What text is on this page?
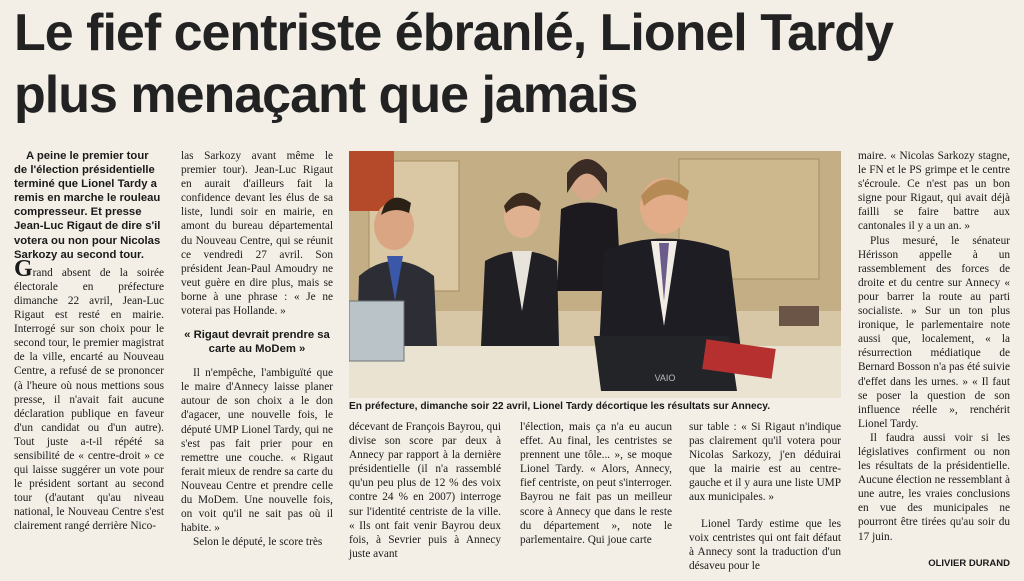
Le fief centriste ébranlé, Lionel Tardy
plus menaçant que jamais

A peine le premier tour de l'élection présidentielle terminé que Lionel Tardy a remis en marche le rouleau compresseur. Et presse Jean-Luc Rigaut de dire s'il votera ou non pour Nicolas Sarkozy au second tour.

Grand absent de la soirée électorale en préfecture dimanche 22 avril, Jean-Luc Rigaut est resté en mairie. Interrogé sur son choix pour le second tour, le premier magistrat de la ville, encarté au Nouveau Centre, a refusé de se prononcer (à l'heure où nous mettions sous presse, il n'avait fait aucune déclaration publique en faveur d'un candidat ou d'un autre). Tout juste a-t-il répété sa sensibilité de « centre-droit » ce qui laisse suggérer un vote pour le président sortant au second tour (d'autant qu'au niveau national, le Nouveau Centre s'est clairement rangé derrière Nico-

las Sarkozy avant même le premier tour). Jean-Luc Rigaut en aurait d'ailleurs fait la confidence devant les élus de sa liste, lundi soir en mairie, en amont du bureau départemental du Nouveau Centre, qui se réunit ce vendredi 27 avril. Son président Jean-Paul Amoudry ne veut guère en dire plus, mais se borne à une phrase : « Je ne voterai pas Hollande. »

« Rigaut devrait prendre sa carte au MoDem »

Il n'empêche, l'ambiguïté que le maire d'Annecy laisse planer autour de son choix a le don d'agacer, une nouvelle fois, le député UMP Lionel Tardy, qui ne s'est pas fait prier pour en remettre une couche. « Rigaut ferait mieux de rendre sa carte du Nouveau Centre et prendre celle du MoDem. Une nouvelle fois, on voit qu'il ne sait pas où il habite. »

Selon le député, le score très

VAIO
En préfecture, dimanche soir 22 avril, Lionel Tardy décortique les résultats sur Annecy.

décevant de François Bayrou, qui divise son score par deux à Annecy par rapport à la dernière présidentielle (il n'a rassemblé qu'un peu plus de 12 % des voix contre 24 % en 2007) interroge sur l'identité centriste de la ville. « Ils ont fait venir Bayrou deux fois, à Sevrier puis à Annecy juste avant

l'élection, mais ça n'a eu aucun effet. Au final, les centristes se prennent une tôle... », se moque Lionel Tardy. « Alors, Annecy, fief centriste, on peut s'interroger. Bayrou ne fait pas un meilleur score à Annecy que dans le reste du département », note le parlementaire. Qui joue carte

sur table : « Si Rigaut n'indique pas clairement qu'il votera pour Nicolas Sarkozy, j'en déduirai que la mairie est au centre-gauche et il y aura une liste UMP aux municipales. »

Lionel Tardy estime que les voix centristes qui ont fait défaut à Annecy sont la traduction d'un désaveu pour le

maire. « Nicolas Sarkozy stagne, le FN et le PS grimpe et le centre s'écroule. Ce n'est pas un bon signe pour Rigaut, qui avait déjà failli se faire battre aux cantonales il y a un an. »

Plus mesuré, le sénateur Hérisson appelle à un rassemblement des forces de droite et du centre sur Annecy « pour barrer la route au parti socialiste. » Sur un ton plus ironique, le parlementaire note aussi que, localement, « la résurrection médiatique de Bernard Bosson n'a pas été suivie d'effet dans les urnes. » « Il faut se poser la question de son influence réelle », renchérit Lionel Tardy.

Il faudra aussi voir si les législatives confirment ou non les résultats de la présidentielle. Aucune élection ne ressemblant à une autre, les vraies conclusions en vue des municipales ne pourront être tirées qu'au soir du 17 juin.

OLIVIER DURAND
